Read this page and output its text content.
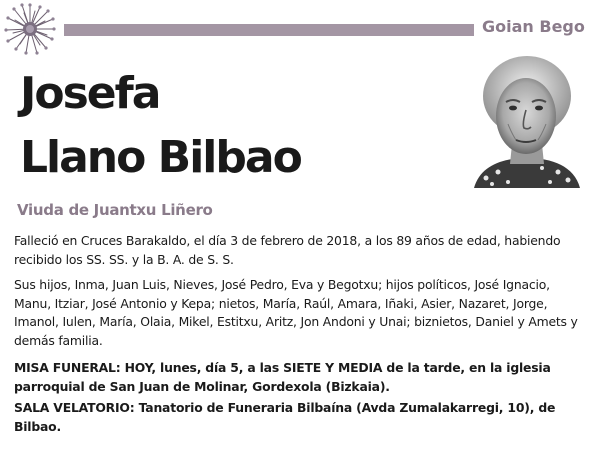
Goian Bego
Josefa
Llano Bilbao
Viuda de Juantxu Liñero

Falleció en Cruces Barakaldo, el día 3 de febrero de 2018, a los 89 años de edad, habiendo recibido los SS. SS. y la B. A. de S. S.

Sus hijos, Inma, Juan Luis, Nieves, José Pedro, Eva y Begotxu; hijos políticos, José Ignacio, Manu, Itziar, José Antonio y Kepa; nietos, María, Raúl, Amara, Iñaki, Asier, Nazaret, Jorge, Imanol, Iulen, María, Olaia, Mikel, Estitxu, Aritz, Jon Andoni y Unai; biznietos, Daniel y Amets y demás familia.

MISA FUNERAL: HOY, lunes, día 5, a las SIETE Y MEDIA de la tarde, en la iglesia parroquial de San Juan de Molinar, Gordexola (Bizkaia).

SALA VELATORIO: Tanatorio de Funeraria Bilbaína (Avda Zumalakarregi, 10), de Bilbao.
